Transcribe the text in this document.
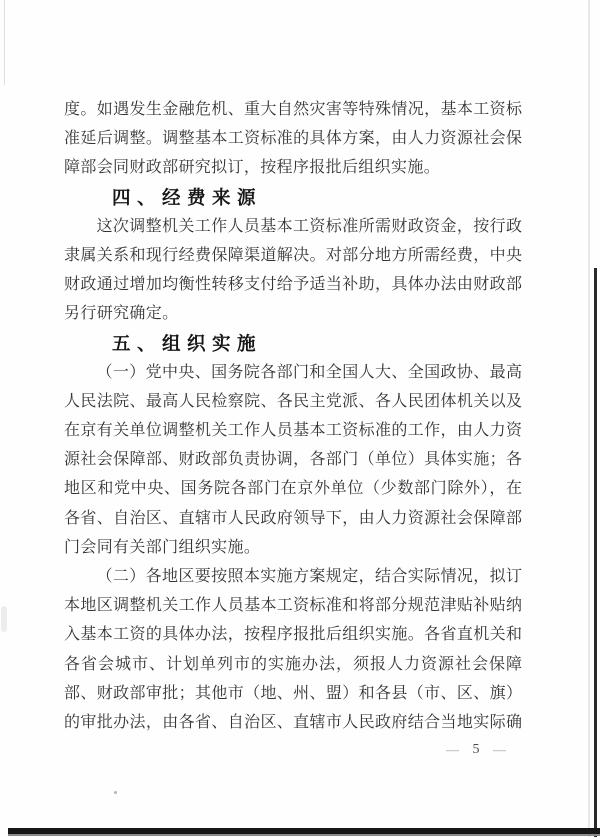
度。如遇发生金融危机、重大自然灾害等特殊情况，基本工资标
准延后调整。调整基本工资标准的具体方案，由人力资源社会保
障部会同财政部研究拟订，按程序报批后组织实施。
四、经费来源
这次调整机关工作人员基本工资标准所需财政资金，按行政
隶属关系和现行经费保障渠道解决。对部分地方所需经费，中央
财政通过增加均衡性转移支付给予适当补助，具体办法由财政部
另行研究确定。
五、组织实施
（一）党中央、国务院各部门和全国人大、全国政协、最高
人民法院、最高人民检察院、各民主党派、各人民团体机关以及
在京有关单位调整机关工作人员基本工资标准的工作，由人力资
源社会保障部、财政部负责协调，各部门（单位）具体实施；各
地区和党中央、国务院各部门在京外单位（少数部门除外），在
各省、自治区、直辖市人民政府领导下，由人力资源社会保障部
门会同有关部门组织实施。
（二）各地区要按照本实施方案规定，结合实际情况，拟订
本地区调整机关工作人员基本工资标准和将部分规范津贴补贴纳
入基本工资的具体办法，按程序报批后组织实施。各省直机关和
各省会城市、计划单列市的实施办法，须报人力资源社会保障
部、财政部审批；其他市（地、州、盟）和各县（市、区、旗）
的审批办法，由各省、自治区、直辖市人民政府结合当地实际确
— 5 —
